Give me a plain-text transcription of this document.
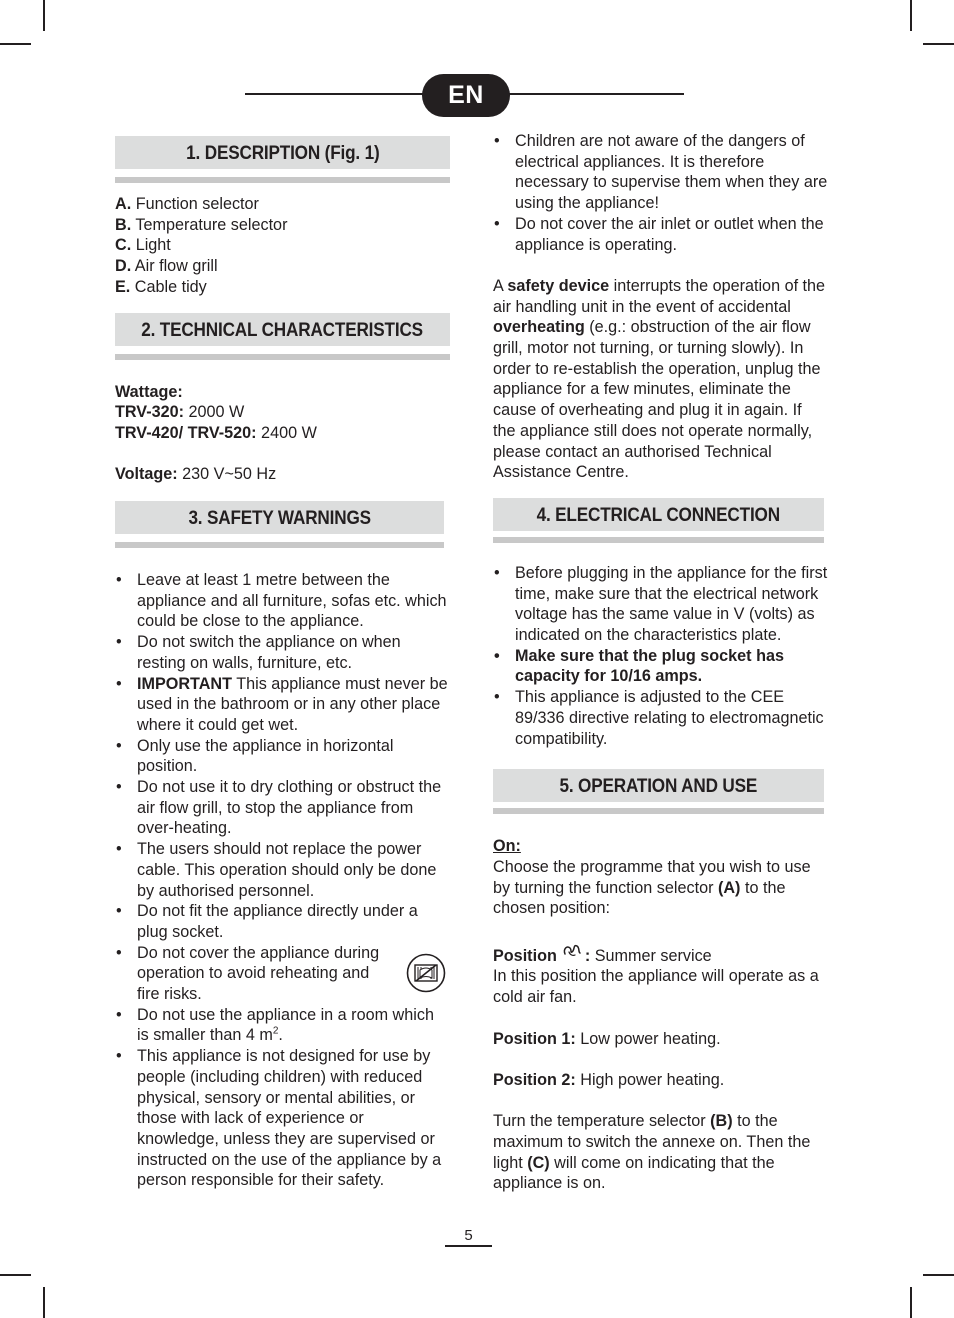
EN
1. DESCRIPTION (Fig. 1)
A. Function selector
B. Temperature selector
C. Light
D. Air flow grill
E. Cable tidy
2. TECHNICAL CHARACTERISTICS
Wattage:
TRV-320: 2000 W
TRV-420/ TRV-520: 2400 W
Voltage: 230 V~50 Hz
3. SAFETY WARNINGS
• Leave at least 1 metre between the appliance and all furniture, sofas etc. which could be close to the appliance.
• Do not switch the appliance on when resting on walls, furniture, etc.
• IMPORTANT This appliance must never be used in the bathroom or in any other place where it could get wet.
• Only use the appliance in horizontal position.
• Do not use it to dry clothing or obstruct the air flow grill, to stop the appliance from over-heating.
• The users should not replace the power cable. This operation should only be done by authorised personnel.
• Do not fit the appliance directly under a plug socket.
• Do not cover the appliance during
operation to avoid reheating and
fire risks.
• Do not use the appliance in a room which is smaller than 4 $m^2$.
• This appliance is not designed for use by people (including children) with reduced physical, sensory or mental abilities, or those with lack of experience or knowledge, unless they are supervised or instructed on the use of the appliance by a person responsible for their safety.
• Children are not aware of the dangers of electrical appliances. It is therefore necessary to supervise them when they are using the appliance!
• Do not cover the air inlet or outlet when the appliance is operating.

A safety device interrupts the operation of the air handling unit in the event of accidental overheating (e.g.: obstruction of the air flow grill, motor not turning, or turning slowly). In order to re-establish the operation, unplug the appliance for a few minutes, eliminate the cause of overheating and plug it in again. If the appliance still does not operate normally, please contact an authorised Technical Assistance Centre.

4. ELECTRICAL CONNECTION
• Before plugging in the appliance for the first time, make sure that the electrical network voltage has the same value in V (volts) as indicated on the characteristics plate.
• Make sure that the plug socket has capacity for 10/16 amps.
• This appliance is adjusted to the CEE 89/336 directive relating to electromagnetic compatibility.
5. OPERATION AND USE
On:

Choose the programme that you wish to use by turning the function selector (A) to the chosen position:

Position : Summer service

In this position the appliance will operate as a cold air fan.

Position 1: Low power heating.

Position 2: High power heating.

Turn the temperature selector (B) to the maximum to switch the annexe on. Then the light (C) will come on indicating that the appliance is on.

5
